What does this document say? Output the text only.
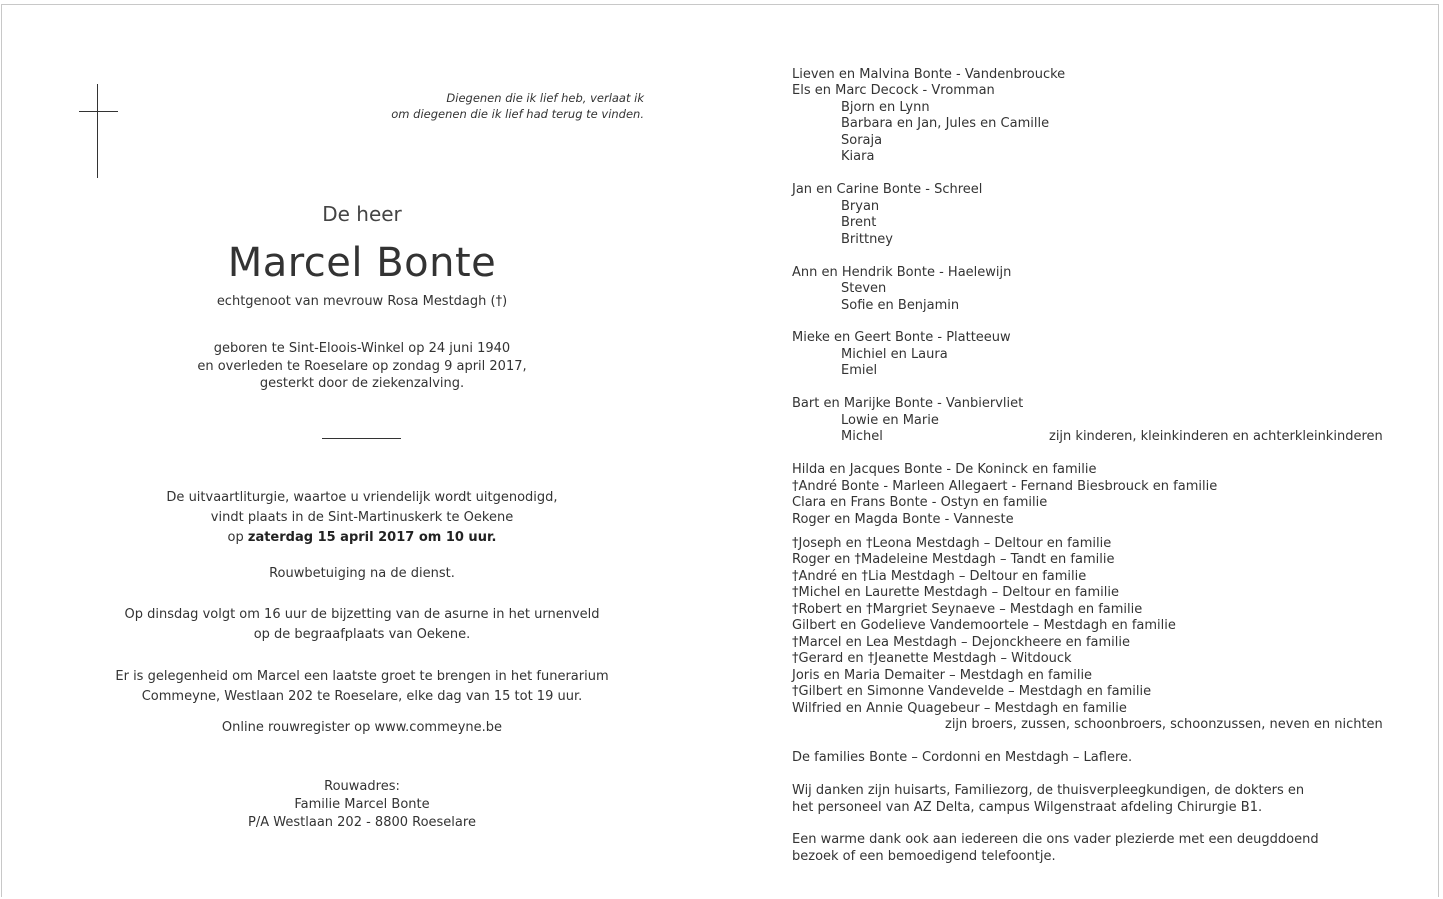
Diegenen die ik lief heb, verlaat ik
om diegenen die ik lief had terug te vinden.
De heer
Marcel Bonte
echtgenoot van mevrouw Rosa Mestdagh (†)
geboren te Sint-Eloois-Winkel op 24 juni 1940
en overleden te Roeselare op zondag 9 april 2017,
gesterkt door de ziekenzalving.
De uitvaartliturgie, waartoe u vriendelijk wordt uitgenodigd,
vindt plaats in de Sint-Martinuskerk te Oekene
op zaterdag 15 april 2017 om 10 uur.
Rouwbetuiging na de dienst.
Op dinsdag volgt om 16 uur de bijzetting van de asurne in het urnenveld
op de begraafplaats van Oekene.
Er is gelegenheid om Marcel een laatste groet te brengen in het funerarium
Commeyne, Westlaan 202 te Roeselare, elke dag van 15 tot 19 uur.
Online rouwregister op www.commeyne.be
Rouwadres:
Familie Marcel Bonte
P/A Westlaan 202 - 8800 Roeselare
Lieven en Malvina Bonte - Vandenbroucke
Els en Marc Decock - Vromman
Bjorn en Lynn
Barbara en Jan, Jules en Camille
Soraja
Kiara
Jan en Carine Bonte - Schreel
Bryan
Brent
Brittney
Ann en Hendrik Bonte - Haelewijn
Steven
Sofie en Benjamin
Mieke en Geert Bonte - Platteeuw
Michiel en Laura
Emiel
Bart en Marijke Bonte - Vanbiervliet
Lowie en Marie
Michel	zijn kinderen, kleinkinderen en achterkleinkinderen
Hilda en Jacques Bonte - De Koninck en familie
†André Bonte - Marleen Allegaert - Fernand Biesbrouck en familie
Clara en Frans Bonte - Ostyn en familie
Roger en Magda Bonte - Vanneste
†Joseph en †Leona Mestdagh – Deltour en familie
Roger en †Madeleine Mestdagh – Tandt en familie
†André en †Lia Mestdagh – Deltour en familie
†Michel en Laurette Mestdagh – Deltour en familie
†Robert en †Margriet Seynaeve – Mestdagh en familie
Gilbert en Godelieve Vandemoortele – Mestdagh en familie
†Marcel en Lea Mestdagh – Dejonckheere en familie
†Gerard en †Jeanette Mestdagh – Witdouck
Joris en Maria Demaiter – Mestdagh en familie
†Gilbert en Simonne Vandevelde – Mestdagh en familie
Wilfried en Annie Quagebeur – Mestdagh en familie
zijn broers, zussen, schoonbroers, schoonzussen, neven en nichten
De families Bonte – Cordonni en Mestdagh – Laflere.
Wij danken zijn huisarts, Familiezorg, de thuisverpleegkundigen, de dokters en
het personeel van AZ Delta, campus Wilgenstraat afdeling Chirurgie B1.
Een warme dank ook aan iedereen die ons vader plezierde met een deugddoend
bezoek of een bemoedigend telefoontje.
